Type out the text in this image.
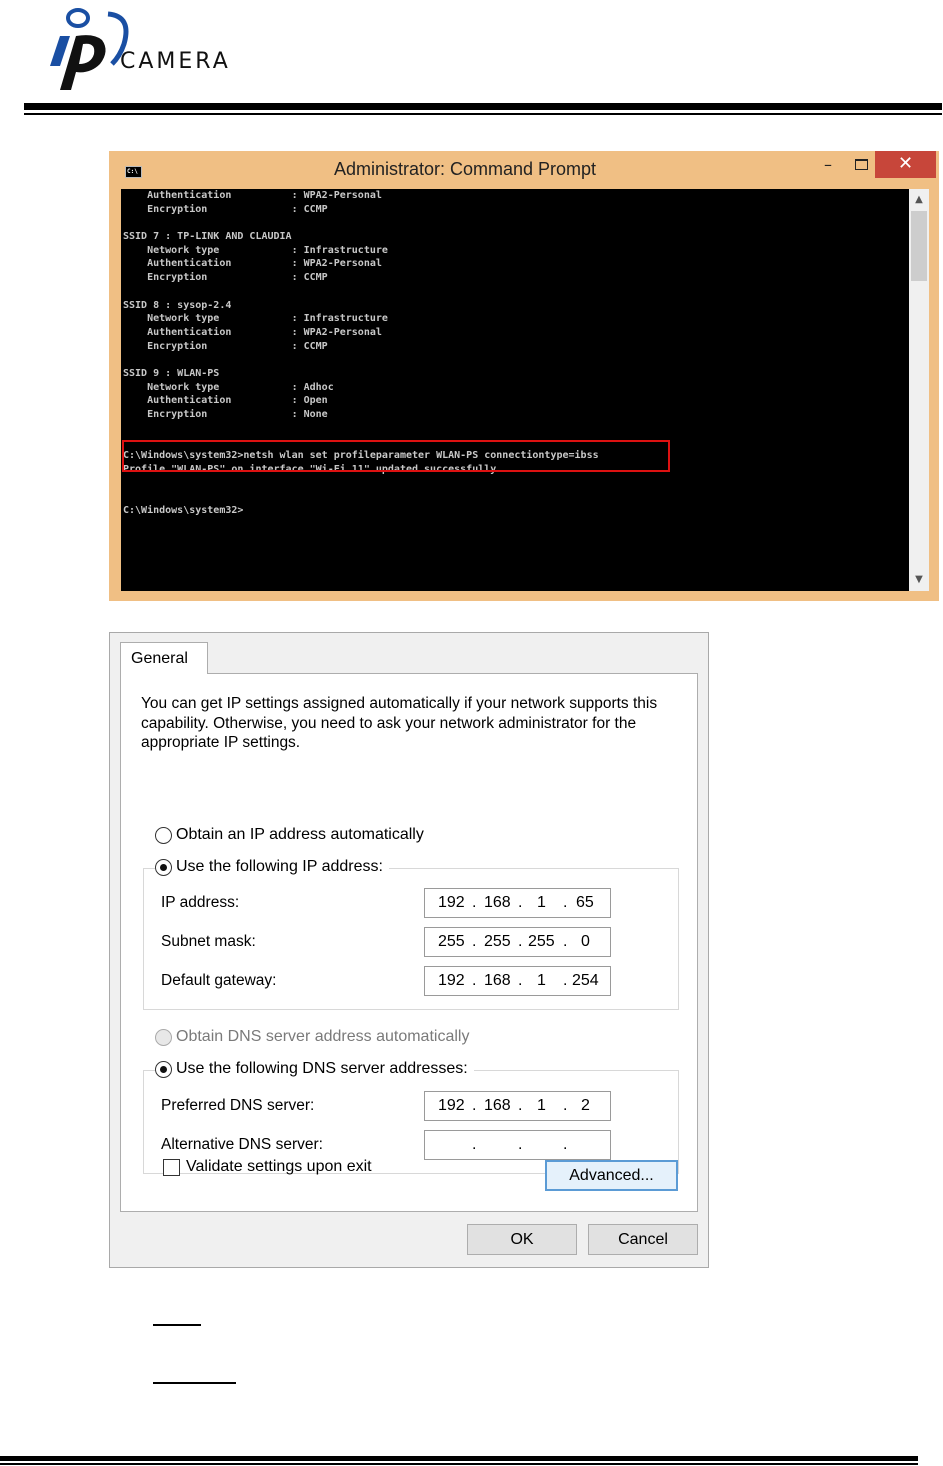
CAMERA
C:\	Administrator: Command Prompt	–	✕
Authentication          : WPA2-Personal
Encryption              : CCMP
SSID 7 : TP-LINK AND CLAUDIA
Network type            : Infrastructure
Authentication          : WPA2-Personal
Encryption              : CCMP
SSID 8 : sysop-2.4
Network type            : Infrastructure
Authentication          : WPA2-Personal
Encryption              : CCMP
SSID 9 : WLAN-PS
Network type            : Adhoc
Authentication          : Open
Encryption              : None
C:\Windows\system32>netsh wlan set profileparameter WLAN-PS connectiontype=ibss
Profile "WLAN-PS" on interface "Wi-Fi 11" updated successfully.
C:\Windows\system32>
▲
▼
General
You can get IP settings assigned automatically if your network supports this capability. Otherwise, you need to ask your network administrator for the appropriate IP settings.
Obtain an IP address automatically
Use the following IP address:
IP address:	192 . 168 . 1 . 65
Subnet mask:	255 . 255 . 255 . 0
Default gateway:	192 . 168 . 1 . 254
Obtain DNS server address automatically
Use the following DNS server addresses:
Preferred DNS server:	192 . 168 . 1 . 2
Alternative DNS server:	.	.	.
Validate settings upon exit
Advanced...
OK	Cancel
